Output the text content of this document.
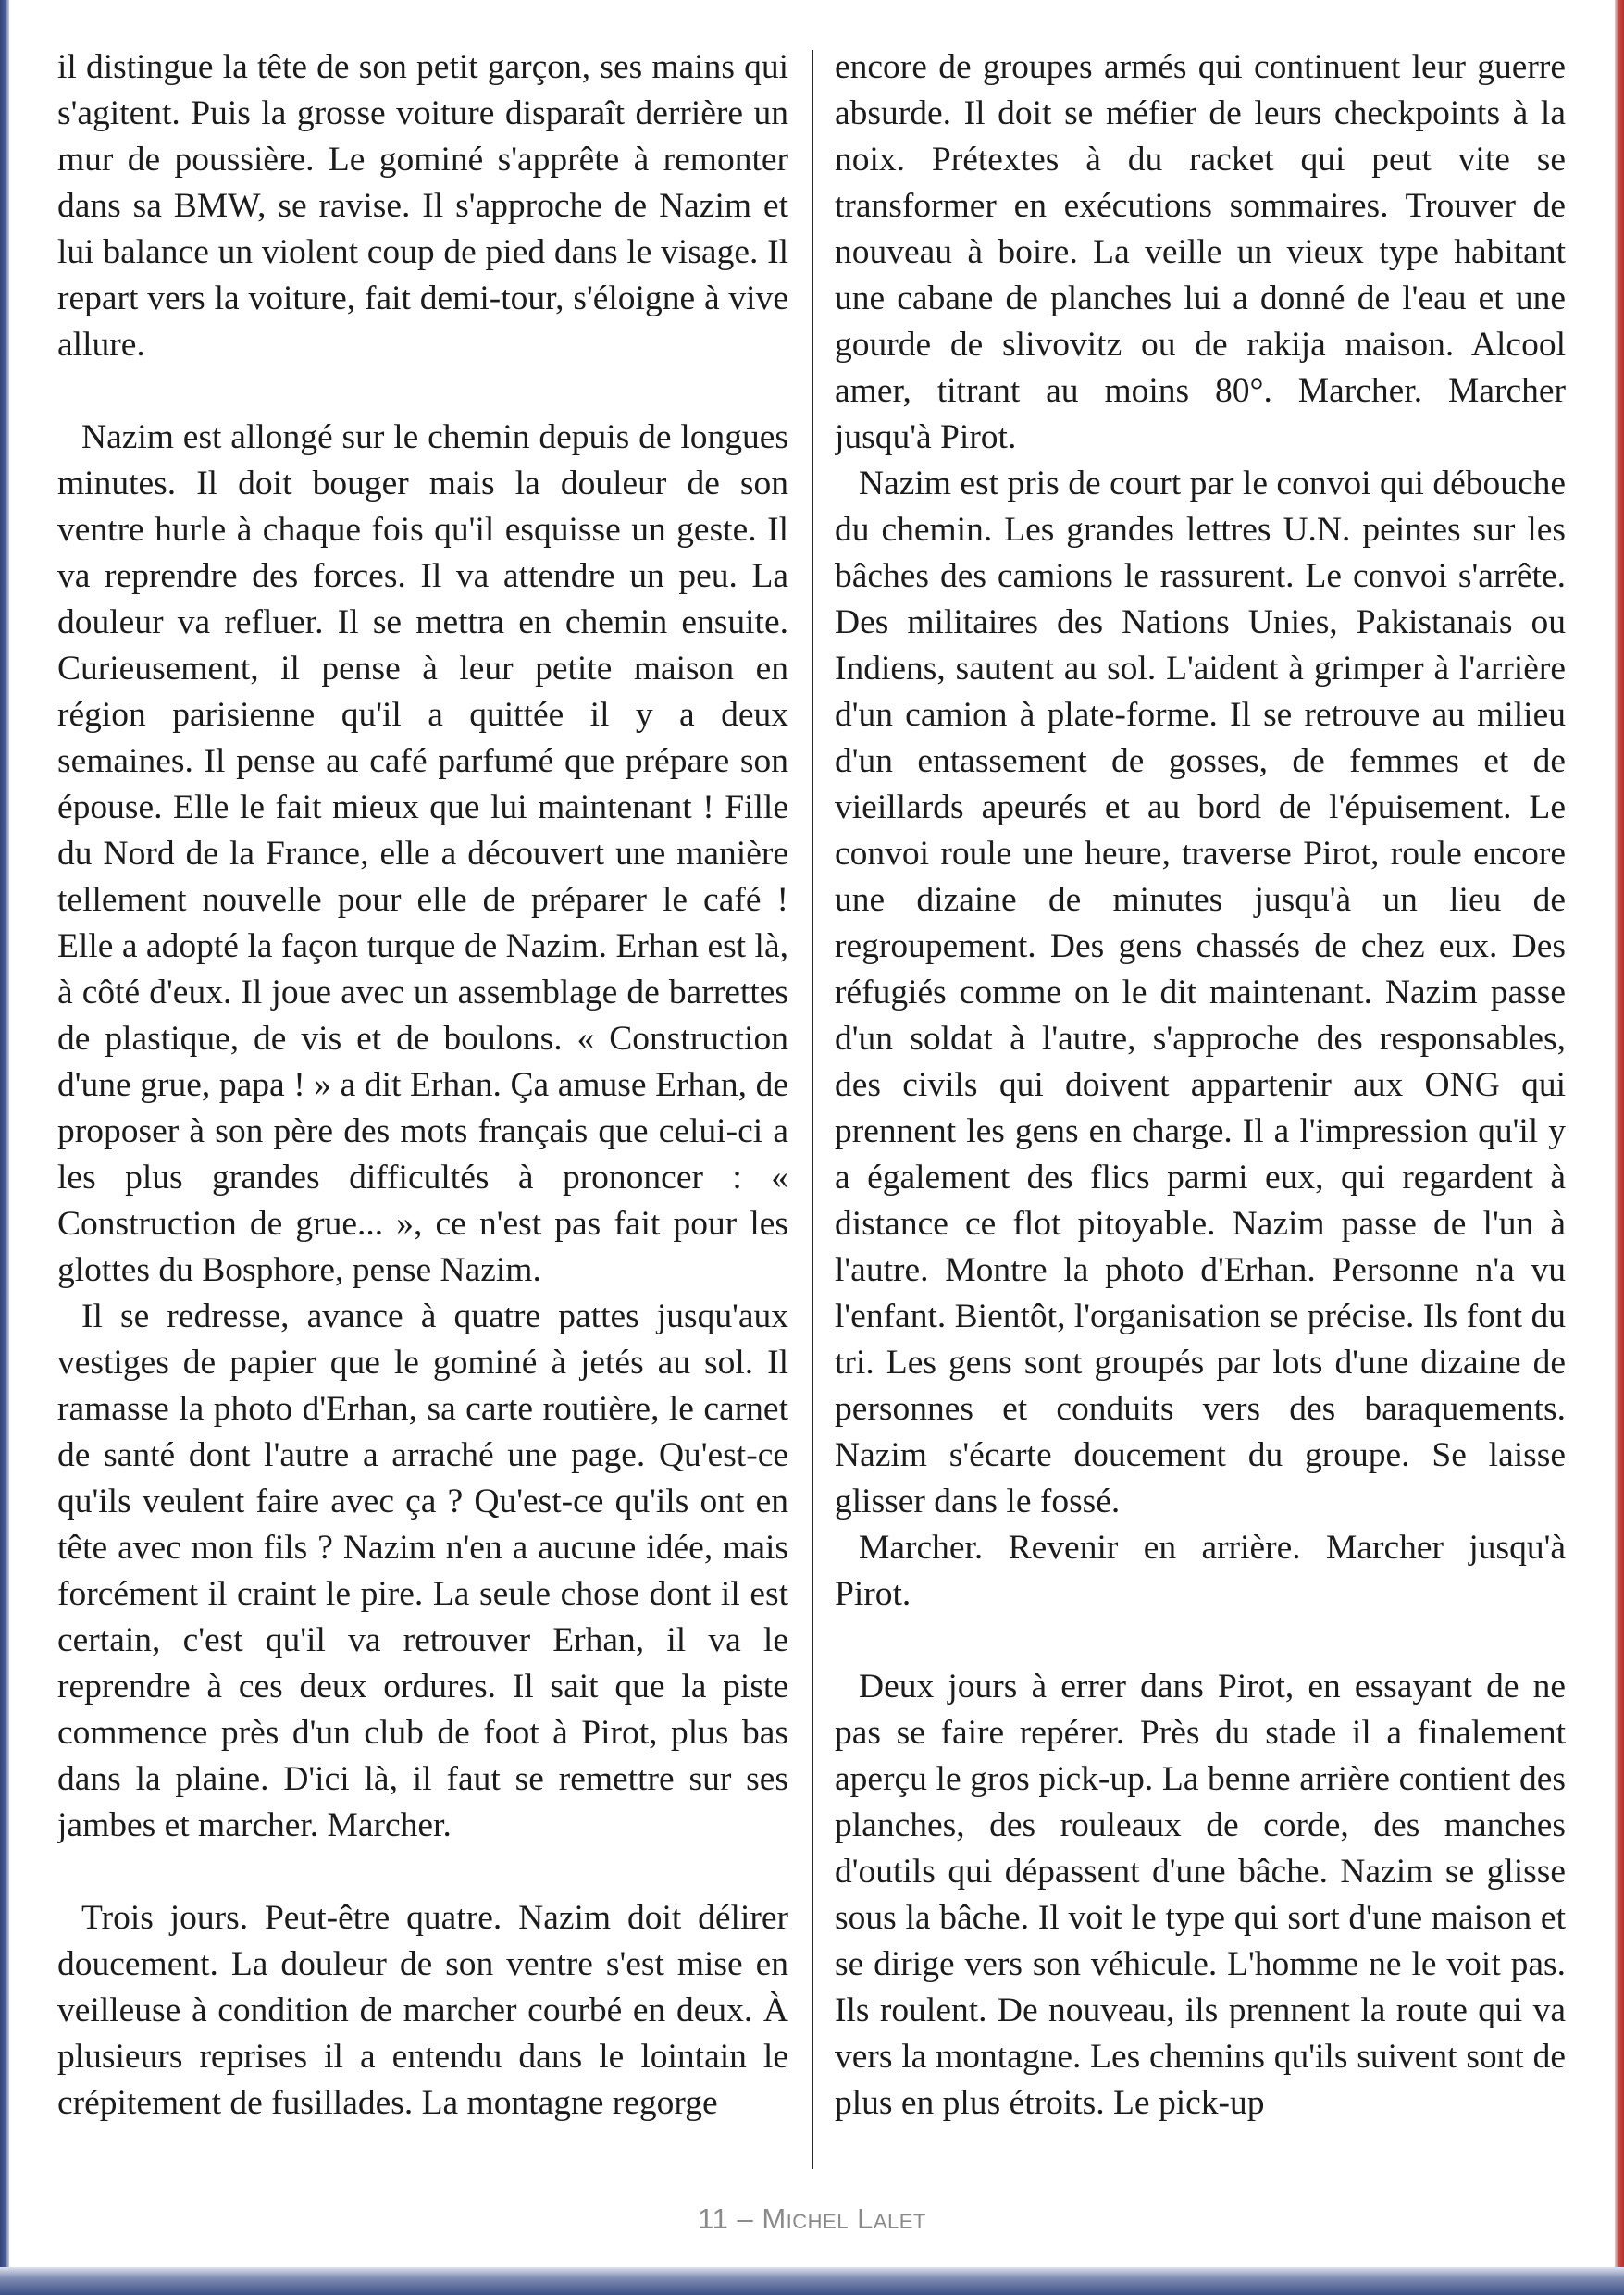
il distingue la tête de son petit garçon, ses mains qui s'agitent. Puis la grosse voiture disparaît derrière un mur de poussière. Le gominé s'apprête à remonter dans sa BMW, se ravise. Il s'approche de Nazim et lui balance un violent coup de pied dans le visage. Il repart vers la voiture, fait demi-tour, s'éloigne à vive allure.

Nazim est allongé sur le chemin depuis de longues minutes. Il doit bouger mais la douleur de son ventre hurle à chaque fois qu'il esquisse un geste. Il va reprendre des forces. Il va attendre un peu. La douleur va refluer. Il se mettra en chemin ensuite. Curieusement, il pense à leur petite maison en région parisienne qu'il a quittée il y a deux semaines. Il pense au café parfumé que prépare son épouse. Elle le fait mieux que lui maintenant ! Fille du Nord de la France, elle a découvert une manière tellement nouvelle pour elle de préparer le café ! Elle a adopté la façon turque de Nazim. Erhan est là, à côté d'eux. Il joue avec un assemblage de barrettes de plastique, de vis et de boulons. « Construction d'une grue, papa ! » a dit Erhan. Ça amuse Erhan, de proposer à son père des mots français que celui-ci a les plus grandes difficultés à prononcer : « Construction de grue... », ce n'est pas fait pour les glottes du Bosphore, pense Nazim.

Il se redresse, avance à quatre pattes jusqu'aux vestiges de papier que le gominé à jetés au sol. Il ramasse la photo d'Erhan, sa carte routière, le carnet de santé dont l'autre a arraché une page. Qu'est-ce qu'ils veulent faire avec ça ? Qu'est-ce qu'ils ont en tête avec mon fils ? Nazim n'en a aucune idée, mais forcément il craint le pire. La seule chose dont il est certain, c'est qu'il va retrouver Erhan, il va le reprendre à ces deux ordures. Il sait que la piste commence près d'un club de foot à Pirot, plus bas dans la plaine. D'ici là, il faut se remettre sur ses jambes et marcher. Marcher.

Trois jours. Peut-être quatre. Nazim doit délirer doucement. La douleur de son ventre s'est mise en veilleuse à condition de marcher courbé en deux. À plusieurs reprises il a entendu dans le lointain le crépitement de fusillades. La montagne regorge

encore de groupes armés qui continuent leur guerre absurde. Il doit se méfier de leurs checkpoints à la noix. Prétextes à du racket qui peut vite se transformer en exécutions sommaires. Trouver de nouveau à boire. La veille un vieux type habitant une cabane de planches lui a donné de l'eau et une gourde de slivovitz ou de rakija maison. Alcool amer, titrant au moins 80°. Marcher. Marcher jusqu'à Pirot.

Nazim est pris de court par le convoi qui débouche du chemin. Les grandes lettres U.N. peintes sur les bâches des camions le rassurent. Le convoi s'arrête. Des militaires des Nations Unies, Pakistanais ou Indiens, sautent au sol. L'aident à grimper à l'arrière d'un camion à plate-forme. Il se retrouve au milieu d'un entassement de gosses, de femmes et de vieillards apeurés et au bord de l'épuisement. Le convoi roule une heure, traverse Pirot, roule encore une dizaine de minutes jusqu'à un lieu de regroupement. Des gens chassés de chez eux. Des réfugiés comme on le dit maintenant. Nazim passe d'un soldat à l'autre, s'approche des responsables, des civils qui doivent appartenir aux ONG qui prennent les gens en charge. Il a l'impression qu'il y a également des flics parmi eux, qui regardent à distance ce flot pitoyable. Nazim passe de l'un à l'autre. Montre la photo d'Erhan. Personne n'a vu l'enfant. Bientôt, l'organisation se précise. Ils font du tri. Les gens sont groupés par lots d'une dizaine de personnes et conduits vers des baraquements. Nazim s'écarte doucement du groupe. Se laisse glisser dans le fossé.

Marcher. Revenir en arrière. Marcher jusqu'à Pirot.

Deux jours à errer dans Pirot, en essayant de ne pas se faire repérer. Près du stade il a finalement aperçu le gros pick-up. La benne arrière contient des planches, des rouleaux de corde, des manches d'outils qui dépassent d'une bâche. Nazim se glisse sous la bâche. Il voit le type qui sort d'une maison et se dirige vers son véhicule. L'homme ne le voit pas. Ils roulent. De nouveau, ils prennent la route qui va vers la montagne. Les chemins qu'ils suivent sont de plus en plus étroits. Le pick-up

11 – Michel Lalet
